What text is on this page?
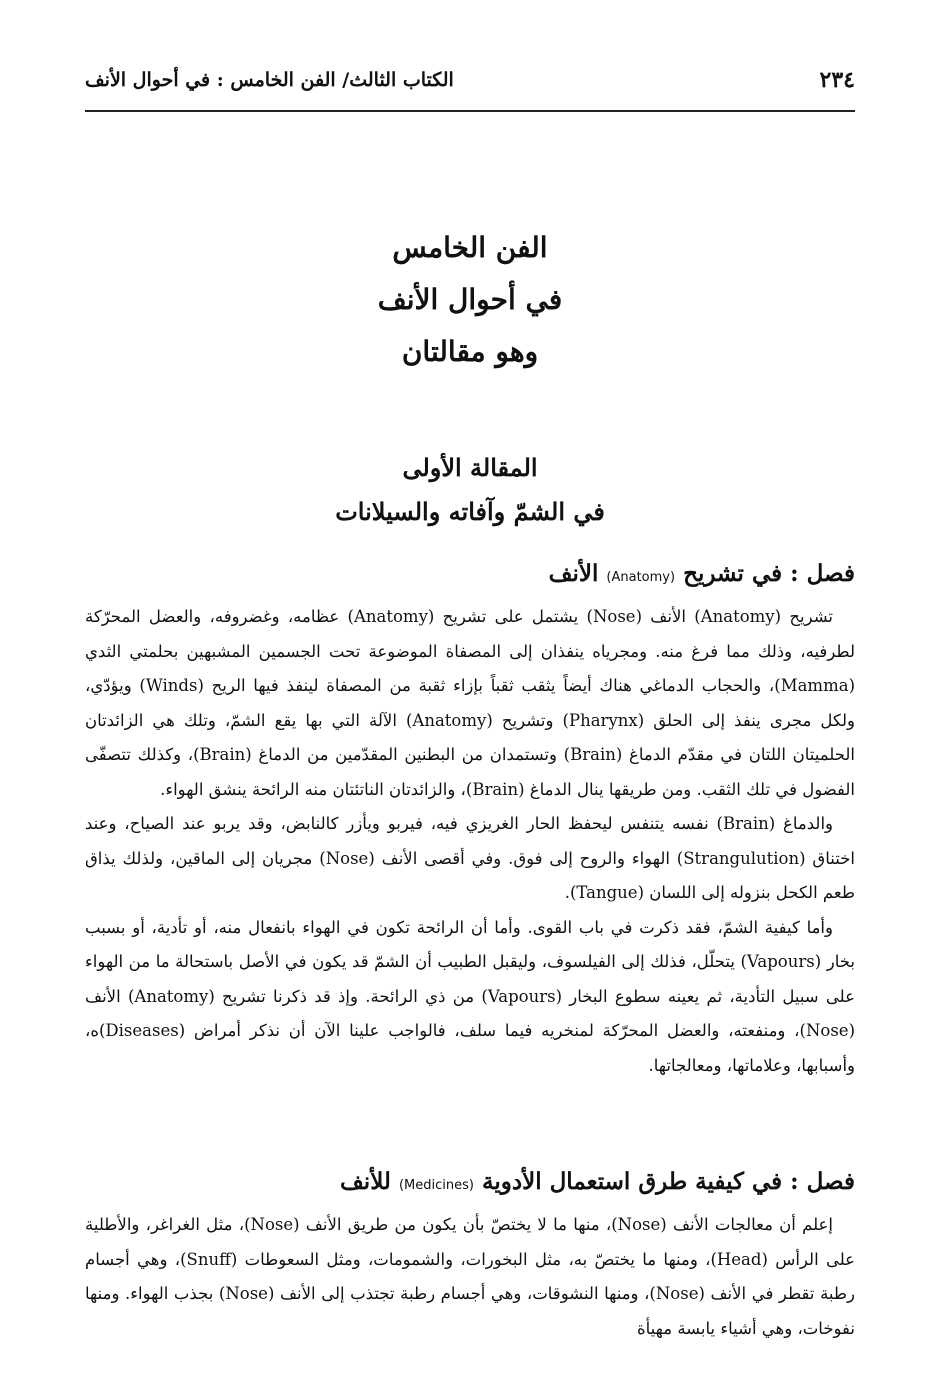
٢٣٤
الكتاب الثالث/ الفن الخامس : في أحوال الأنف
الفن الخامس
في أحوال الأنف
وهو مقالتان
المقالة الأولى
في الشمّ وآفاته والسيلانات
فصل : في تشريح (Anatomy) الأنف

تشريح (Anatomy) الأنف (Nose) يشتمل على تشريح (Anatomy) عظامه، وغضروفه، والعضل المحرّكة لطرفيه، وذلك مما فرغ منه. ومجرياه ينفذان إلى المصفاة الموضوعة تحت الجسمين المشبهين بحلمتي الثدي (Mamma)، والحجاب الدماغي هناك أيضاً يثقب ثقباً بإزاء ثقبة من المصفاة لينفذ فيها الريح (Winds) ويؤدّي، ولكل مجرى ينفذ إلى الحلق (Pharynx) وتشريح (Anatomy) الآلة التي بها يقع الشمّ، وتلك هي الزائدتان الحلميتان اللتان في مقدّم الدماغ (Brain) وتستمدان من البطنين المقدّمين من الدماغ (Brain)، وكذلك تتصفّى الفضول في تلك الثقب. ومن طريقها ينال الدماغ (Brain)، والزائدتان الناتئتان منه الرائحة ينشق الهواء.

والدماغ (Brain) نفسه يتنفس ليحفظ الحار الغريزي فيه، فيربو ويأزر كالنابض، وقد يربو عند الصياح، وعند اختناق (Strangulution) الهواء والروح إلى فوق. وفي أقصى الأنف (Nose) مجريان إلى الماقين، ولذلك يذاق طعم الكحل بنزوله إلى اللسان (Tangue).

وأما كيفية الشمّ، فقد ذكرت في باب القوى. وأما أن الرائحة تكون في الهواء بانفعال منه، أو تأدية، أو بسبب بخار (Vapours) يتحلّل، فذلك إلى الفيلسوف، وليقبل الطبيب أن الشمّ قد يكون في الأصل باستحالة ما من الهواء على سبيل التأدية، ثم يعينه سطوع البخار (Vapours) من ذي الرائحة. وإذ قد ذكرنا تشريح (Anatomy) الأنف (Nose)، ومنفعته، والعضل المحرّكة لمنخريه فيما سلف، فالواجب علينا الآن أن نذكر أمراض (Diseases)ه، وأسبابها، وعلاماتها، ومعالجاتها.

فصل : في كيفية طرق استعمال الأدوية (Medicines) للأنف

إعلم أن معالجات الأنف (Nose)، منها ما لا يختصّ بأن يكون من طريق الأنف (Nose)، مثل الغراغر، والأطلية على الرأس (Head)، ومنها ما يختصّ به، مثل البخورات، والشمومات، ومثل السعوطات (Snuff)، وهي أجسام رطبة تقطر في الأنف (Nose)، ومنها النشوقات، وهي أجسام رطبة تجتذب إلى الأنف (Nose) بجذب الهواء. ومنها نفوخات، وهي أشياء يابسة مهيأة
